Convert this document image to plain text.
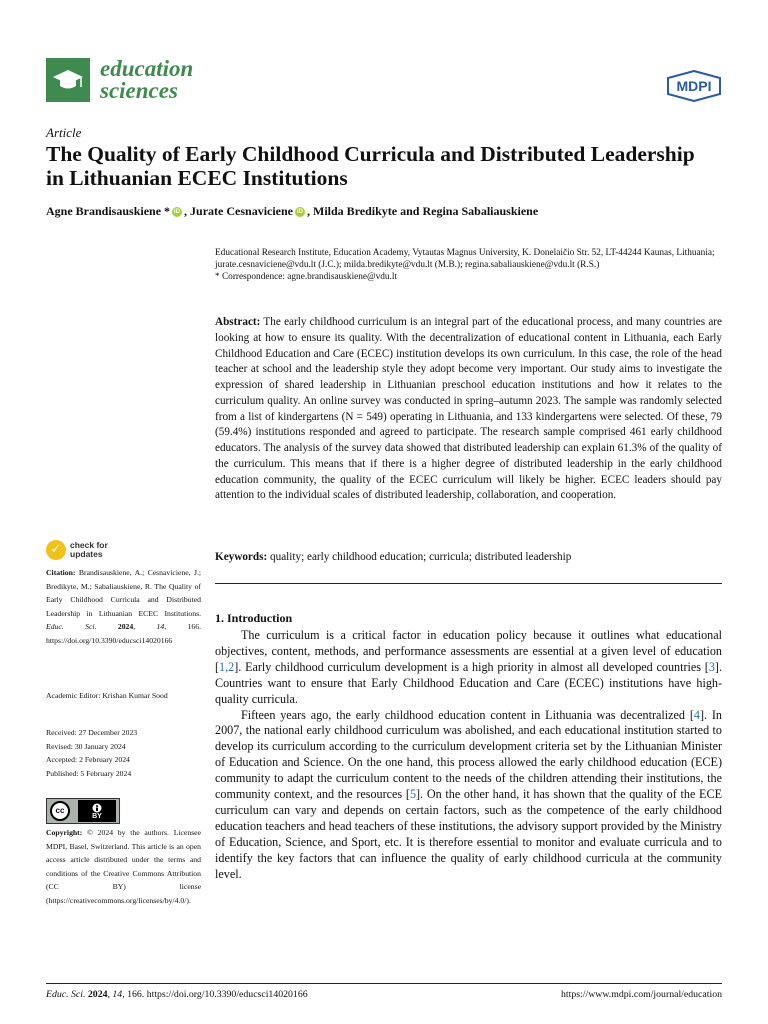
education
sciences	MDPI
Article
The Quality of Early Childhood Curricula and Distributed Leadership in Lithuanian ECEC Institutions
Agne Brandisauskiene * iD , Jurate Cesnaviciene iD , Milda Bredikyte and Regina Sabaliauskiene
Educational Research Institute, Education Academy, Vytautas Magnus University, K. Donelaičio Str. 52, LT-44244 Kaunas, Lithuania; jurate.cesnaviciene@vdu.lt (J.C.); milda.bredikyte@vdu.lt (M.B.); regina.sabaliauskiene@vdu.lt (R.S.)
* Correspondence: agne.brandisauskiene@vdu.lt
Abstract: The early childhood curriculum is an integral part of the educational process, and many countries are looking at how to ensure its quality. With the decentralization of educational content in Lithuania, each Early Childhood Education and Care (ECEC) institution develops its own curriculum. In this case, the role of the head teacher at school and the leadership style they adopt become very important. Our study aims to investigate the expression of shared leadership in Lithuanian preschool education institutions and how it relates to the curriculum quality. An online survey was conducted in spring–autumn 2023. The sample was randomly selected from a list of kindergartens (N = 549) operating in Lithuania, and 133 kindergartens were selected. Of these, 79 (59.4%) institutions responded and agreed to participate. The research sample comprised 461 early childhood educators. The analysis of the survey data showed that distributed leadership can explain 61.3% of the quality of the curriculum. This means that if there is a higher degree of distributed leadership in the early childhood education community, the quality of the ECEC curriculum will likely be higher. ECEC leaders should pay attention to the individual scales of distributed leadership, collaboration, and cooperation.
Keywords: quality; early childhood education; curricula; distributed leadership
1. Introduction

The curriculum is a critical factor in education policy because it outlines what educational objectives, content, methods, and performance assessments are essential at a given level of education [1,2]. Early childhood curriculum development is a high priority in almost all developed countries [3]. Countries want to ensure that Early Childhood Education and Care (ECEC) institutions have high-quality curricula.

Fifteen years ago, the early childhood education content in Lithuania was decentralized [4]. In 2007, the national early childhood curriculum was abolished, and each educational institution started to develop its curriculum according to the curriculum development criteria set by the Lithuanian Minister of Education and Science. On the one hand, this process allowed the early childhood education (ECE) community to adapt the curriculum content to the needs of the children attending their institutions, the community context, and the resources [5]. On the other hand, it has shown that the quality of the ECE curriculum can vary and depends on certain factors, such as the competence of the early childhood education teachers and head teachers of these institutions, the advisory support provided by the Ministry of Education, Science, and Sport, etc. It is therefore essential to monitor and evaluate curricula and to identify the key factors that can influence the quality of early childhood curricula at the community level.

✓	check for
updates
Citation: Brandisauskiene, A.; Cesnaviciene, J.; Bredikyte, M.; Sabaliauskiene, R. The Quality of Early Childhood Curricula and Distributed Leadership in Lithuanian ECEC Institutions. Educ. Sci.	2024, 14, 166. https://doi.org/10.3390/educsci14020166
Academic Editor: Krishan Kumar Sood
Received: 27 December 2023
Revised: 30 January 2024
Accepted: 2 February 2024
Published: 5 February 2024
cc
BY
Copyright: © 2024 by the authors. Licensee MDPI, Basel, Switzerland. This article is an open access article distributed under the terms and conditions of the Creative Commons Attribution (CC BY) license (https://creativecommons.org/licenses/by/4.0/).
Educ. Sci. 2024, 14, 166. https://doi.org/10.3390/educsci14020166	https://www.mdpi.com/journal/education
